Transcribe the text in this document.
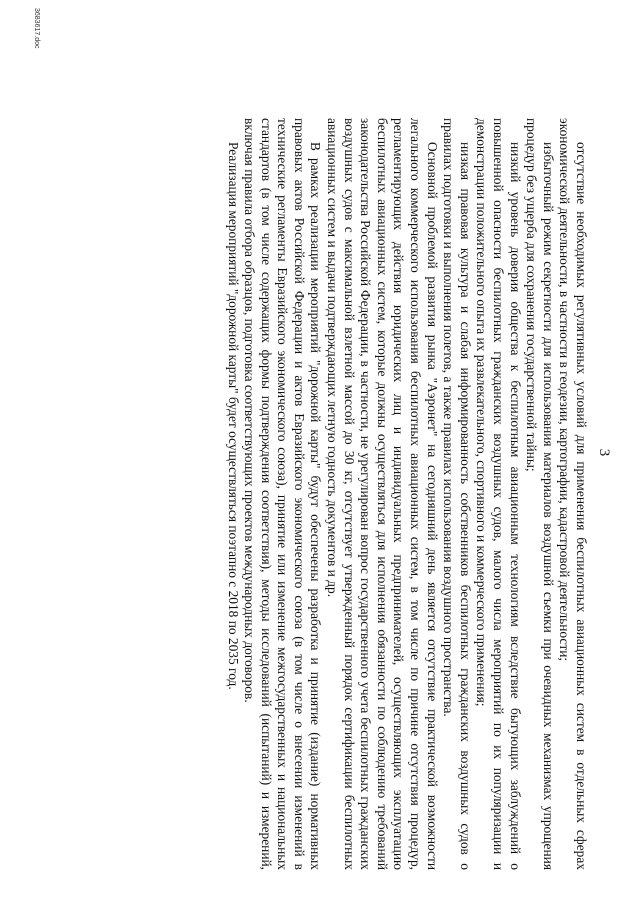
3

отсутствие необходимых регулятивных условий для применения беспилотных авиационных систем в отдельных сферах экономической деятельности, в частности в геодезии, картографии, кадастровой деятельности;

избыточный режим секретности для использования материалов воздушной съемки при очевидных механизмах упрощения процедур без ущерба для сохранения государственной тайны;

низкий уровень доверия общества к беспилотным авиационным технологиям вследствие бытующих заблуждений о повышенной опасности беспилотных гражданских воздушных судов, малого числа мероприятий по их популяризации и демонстрации положительного опыта их развлекательного, спортивного и коммерческого применения;

низкая правовая культура и слабая информированность собственников беспилотных гражданских воздушных судов о правилах подготовки и выполнения полетов, а также правилах использования воздушного пространства.

Основной проблемой развития рынка "Аэронет" на сегодняшний день является отсутствие практической возможности легального коммерческого использования беспилотных авиационных систем, в том числе по причине отсутствия процедур, регламентирующих действия юридических лиц и индивидуальных предпринимателей, осуществляющих эксплуатацию беспилотных авиационных систем, которые должны осуществляться для исполнения обязанности по соблюдению требований законодательства Российской Федерации, в частности, не урегулирован вопрос государственного учета беспилотных гражданских воздушных судов с максимальной взлетной массой до 30 кг, отсутствует утвержденный порядок сертификации беспилотных авиационных систем и выдачи подтверждающих летную годность документов и др.

В рамках реализации мероприятий "дорожной карты" будут обеспечены разработка и принятие (издание) нормативных правовых актов Российской Федерации и актов Евразийского экономического союза (в том числе о внесении изменений в технические регламенты Евразийского экономического союза), принятие или изменение межгосударственных и национальных стандартов (в том числе содержащих формы подтверждения соответствия), методы исследований (испытаний) и измерений, включая правила отбора образцов, подготовка соответствующих проектов международных договоров.

Реализация мероприятий "дорожной карты" будет осуществляться поэтапно с 2018 по 2035 год.

3683617.doc
